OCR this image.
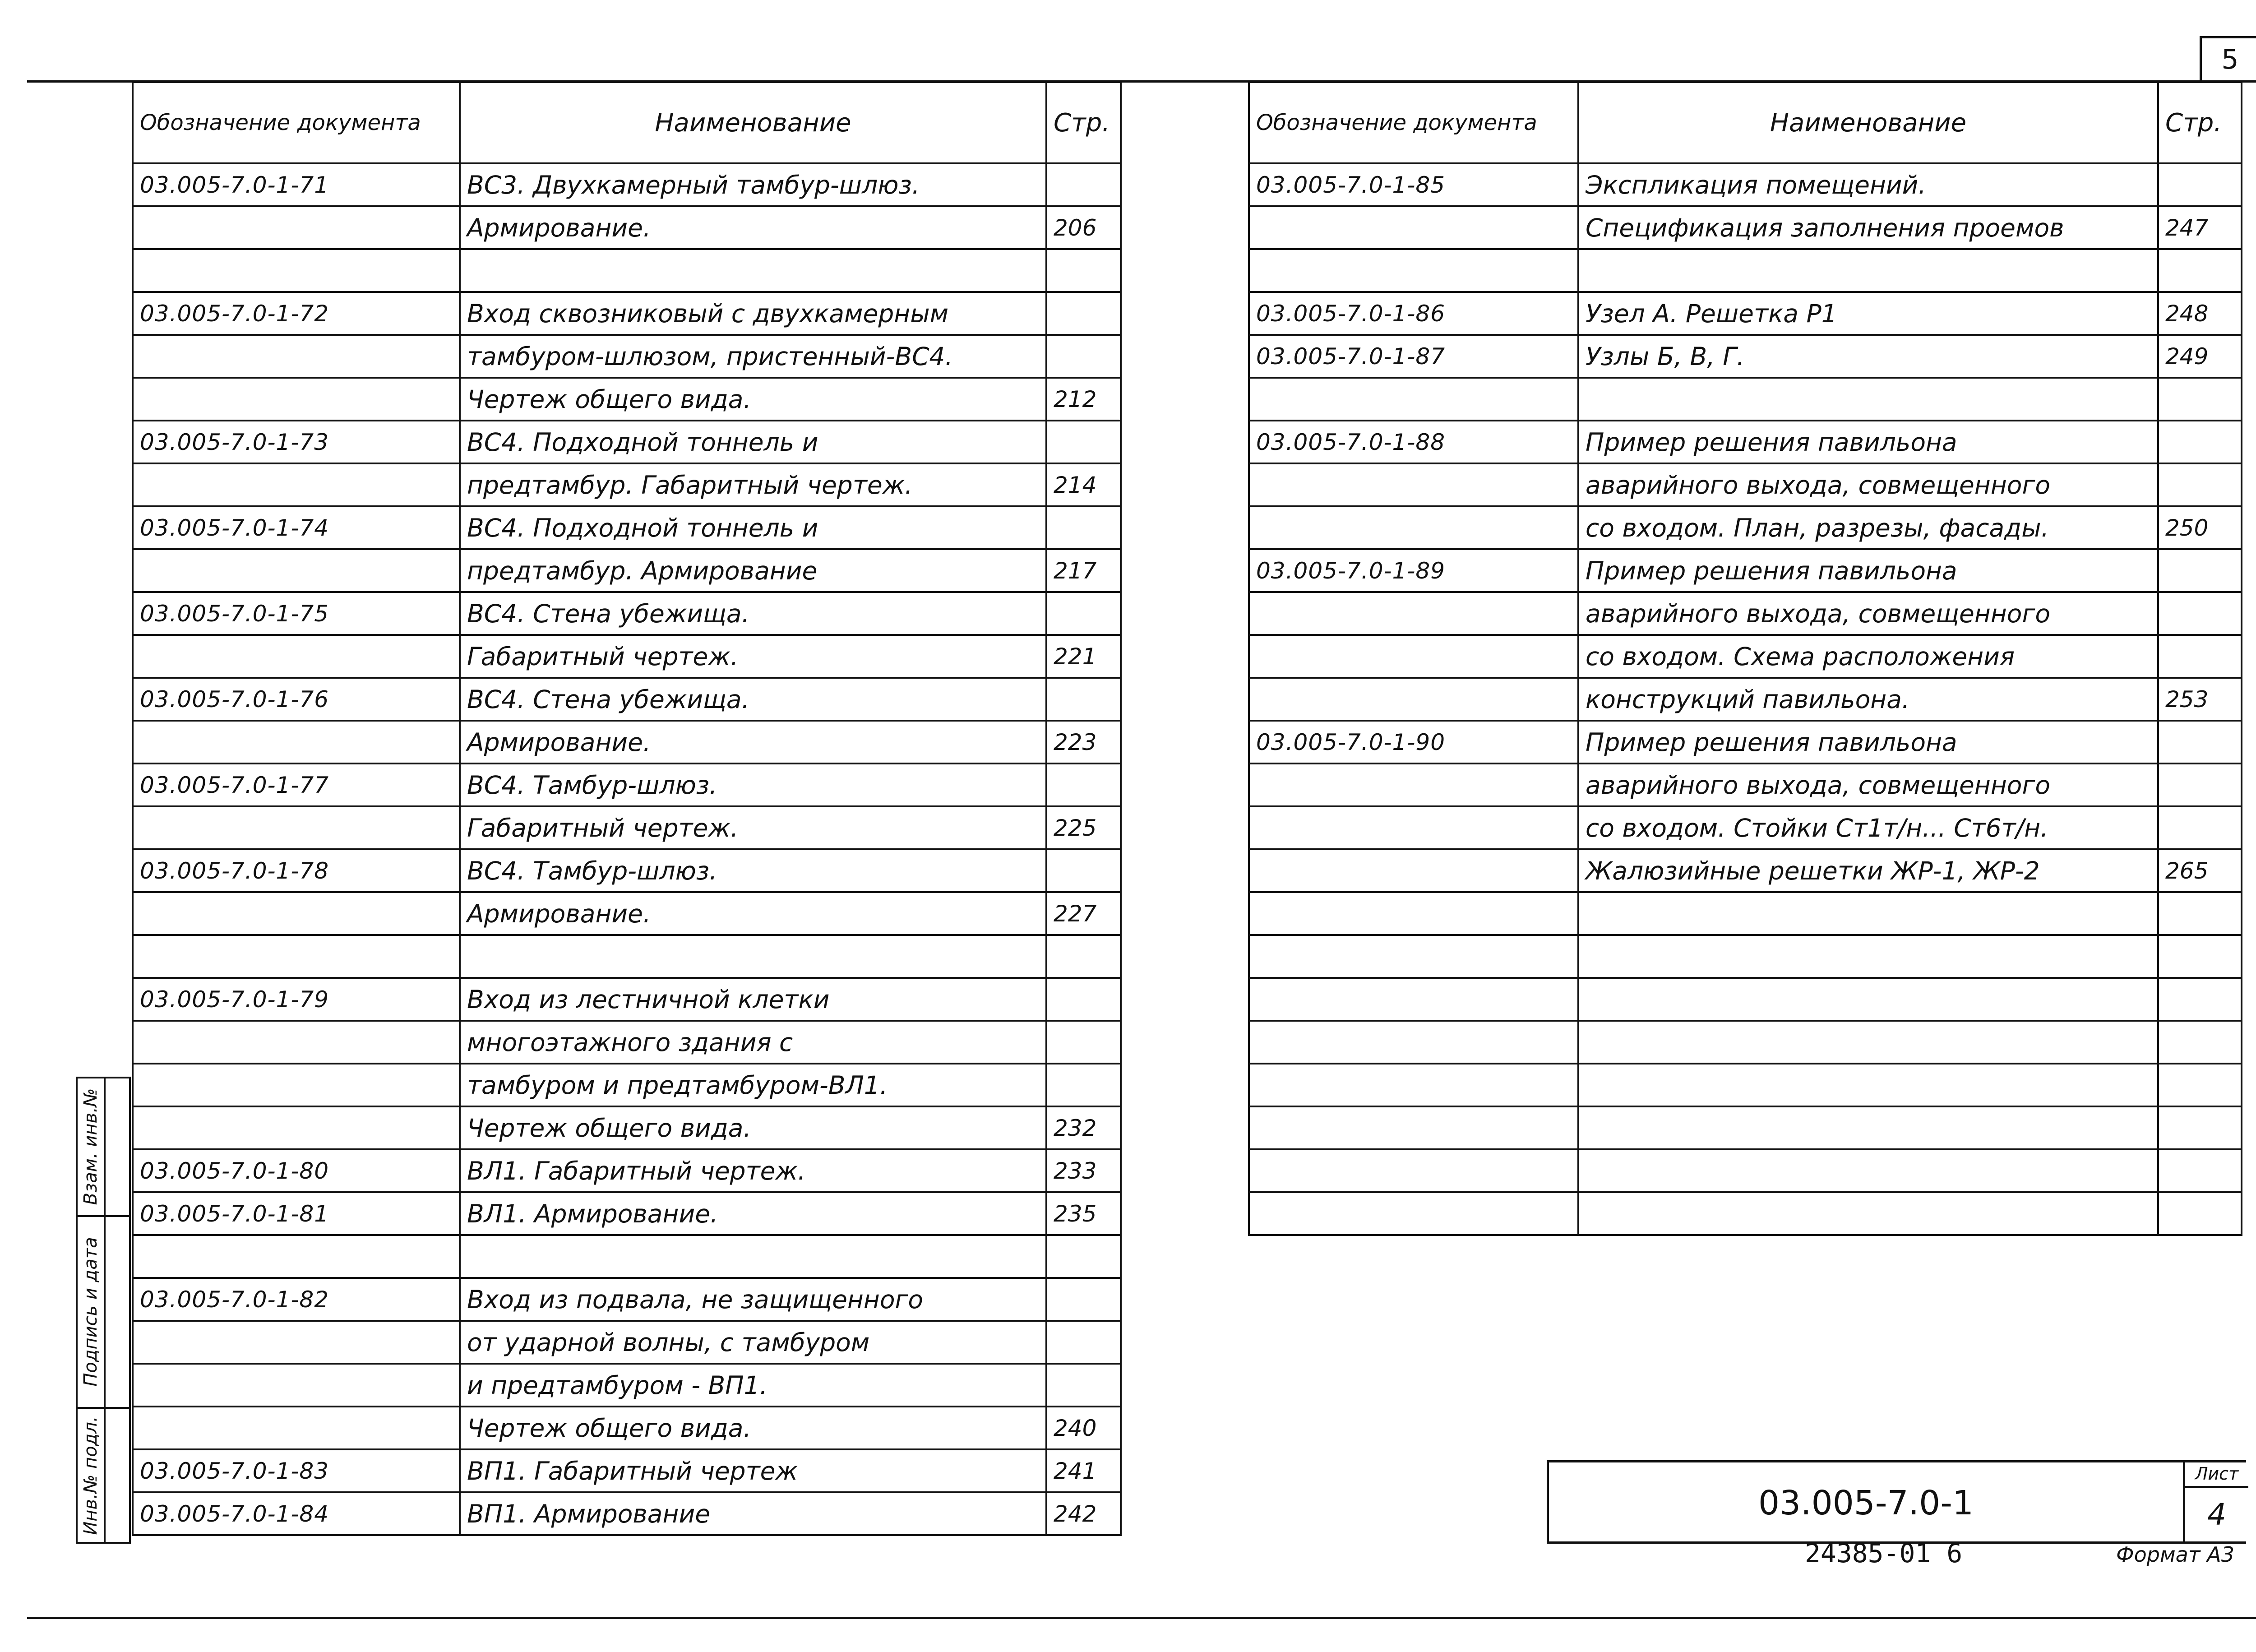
5
Обозначение документа	Наименование	Стр.
03.005-7.0-1-71	ВС3. Двухкамерный тамбур-шлюз.	
	Армирование.	206

03.005-7.0-1-72	Вход сквозниковый с двухкамерным	
	тамбуром-шлюзом, пристенный-ВС4.	
	Чертеж общего вида.	212
03.005-7.0-1-73	ВС4. Подходной тоннель и	
	предтамбур. Габаритный чертеж.	214
03.005-7.0-1-74	ВС4. Подходной тоннель и	
	предтамбур. Армирование	217
03.005-7.0-1-75	ВС4. Стена убежища.	
	Габаритный чертеж.	221
03.005-7.0-1-76	ВС4. Стена убежища.	
	Армирование.	223
03.005-7.0-1-77	ВС4. Тамбур-шлюз.	
	Габаритный чертеж.	225
03.005-7.0-1-78	ВС4. Тамбур-шлюз.	
	Армирование.	227

03.005-7.0-1-79	Вход из лестничной клетки	
	многоэтажного здания с	
	тамбуром и предтамбуром-ВЛ1.	
	Чертеж общего вида.	232
03.005-7.0-1-80	ВЛ1. Габаритный чертеж.	233
03.005-7.0-1-81	ВЛ1. Армирование.	235

03.005-7.0-1-82	Вход из подвала, не защищенного	
	от ударной волны, с тамбуром	
	и предтамбуром - ВП1.	
	Чертеж общего вида.	240
03.005-7.0-1-83	ВП1. Габаритный чертеж	241
03.005-7.0-1-84	ВП1. Армирование	242
Обозначение документа	Наименование	Стр.
03.005-7.0-1-85	Экспликация помещений.	
	Спецификация заполнения проемов	247

03.005-7.0-1-86	Узел А. Решетка Р1	248
03.005-7.0-1-87	Узлы Б, В, Г.	249

03.005-7.0-1-88	Пример решения павильона	
	аварийного выхода, совмещенного	
	со входом. План, разрезы, фасады.	250
03.005-7.0-1-89	Пример решения павильона	
	аварийного выхода, совмещенного	
	со входом. Схема расположения	
	конструкций павильона.	253
03.005-7.0-1-90	Пример решения павильона	
	аварийного выхода, совмещенного	
	со входом. Стойки Ст1т/н... Ст6т/н.	
	Жалюзийные решетки ЖР-1, ЖР-2	265

Взам. инв.№
Подпись и дата
Инв.№ подл.	03.005-7.0-1
Лист
4
24385-01 6	Формат А3
